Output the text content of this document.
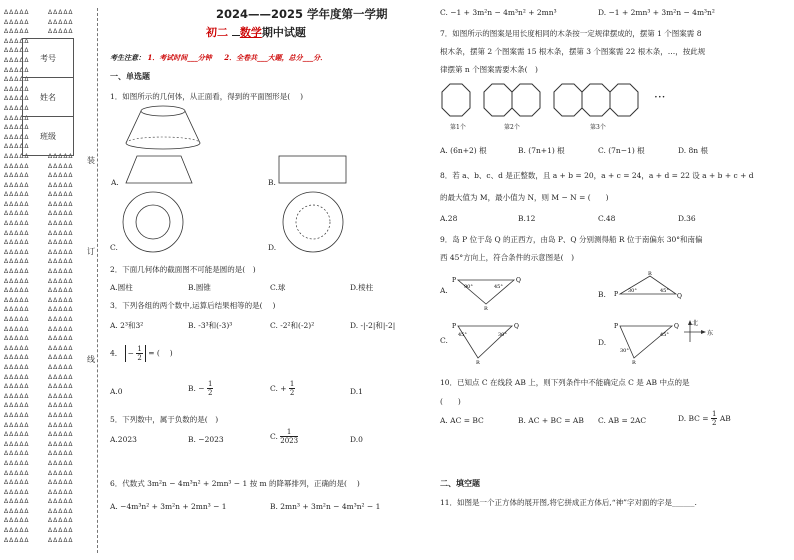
ΔΔΔΔΔ
ΔΔΔΔΔ
ΔΔΔΔΔ
ΔΔΔΔΔ
ΔΔΔΔΔ
ΔΔΔΔΔ
ΔΔΔΔΔ
ΔΔΔΔΔ
ΔΔΔΔΔ
ΔΔΔΔΔ
ΔΔΔΔΔ
ΔΔΔΔΔ
ΔΔΔΔΔ
ΔΔΔΔΔ
ΔΔΔΔΔ
ΔΔΔΔΔ
ΔΔΔΔΔ
ΔΔΔΔΔ
ΔΔΔΔΔ
ΔΔΔΔΔ
ΔΔΔΔΔ
ΔΔΔΔΔ
ΔΔΔΔΔ
ΔΔΔΔΔ
ΔΔΔΔΔ
ΔΔΔΔΔ
ΔΔΔΔΔ
ΔΔΔΔΔ
ΔΔΔΔΔ
ΔΔΔΔΔ
ΔΔΔΔΔ
ΔΔΔΔΔ
ΔΔΔΔΔ
ΔΔΔΔΔ
ΔΔΔΔΔ
ΔΔΔΔΔ
ΔΔΔΔΔ
ΔΔΔΔΔ
ΔΔΔΔΔ
ΔΔΔΔΔ
ΔΔΔΔΔ
ΔΔΔΔΔ
ΔΔΔΔΔ
ΔΔΔΔΔ
ΔΔΔΔΔ
ΔΔΔΔΔ
ΔΔΔΔΔ
ΔΔΔΔΔ
ΔΔΔΔΔ
ΔΔΔΔΔ
ΔΔΔΔΔ
ΔΔΔΔΔ
ΔΔΔΔΔ
ΔΔΔΔΔ
ΔΔΔΔΔ
ΔΔΔΔΔ
ΔΔΔΔΔ
ΔΔΔΔΔ
ΔΔΔΔΔ

ΔΔΔΔΔ
ΔΔΔΔΔ
ΔΔΔΔΔ
ΔΔΔΔΔ
ΔΔΔΔΔ
ΔΔΔΔΔ
ΔΔΔΔΔ
ΔΔΔΔΔ
ΔΔΔΔΔ
ΔΔΔΔΔ
ΔΔΔΔΔ
ΔΔΔΔΔ
ΔΔΔΔΔ
ΔΔΔΔΔ
ΔΔΔΔΔ
ΔΔΔΔΔ
ΔΔΔΔΔ
ΔΔΔΔΔ
ΔΔΔΔΔ
ΔΔΔΔΔ
ΔΔΔΔΔ
ΔΔΔΔΔ
ΔΔΔΔΔ
ΔΔΔΔΔ
ΔΔΔΔΔ
ΔΔΔΔΔ
ΔΔΔΔΔ
ΔΔΔΔΔ
ΔΔΔΔΔ
ΔΔΔΔΔ
ΔΔΔΔΔ
ΔΔΔΔΔ
ΔΔΔΔΔ
ΔΔΔΔΔ
ΔΔΔΔΔ
ΔΔΔΔΔ
ΔΔΔΔΔ
ΔΔΔΔΔ
ΔΔΔΔΔ
ΔΔΔΔΔ
ΔΔΔΔΔ
考号
姓名
班级
装
订
线
2024——2025 学年度第一学期
初二 数学期中试题
考生注意： 1．考试时间___分钟 2．全卷共___大题，总分___分．
一、单选题
1．如图所示的几何体，从正面看，得到的平面图形是(　 )
A.	B.
C.	D.
2．下面几何体的截面图不可能是圆的是(　)
A.圆柱	B.圆锥	C.球	D.棱柱
3．下列各组的两个数中,运算后结果相等的是(　 )
A. 2³和3²	B. -3³和(-3)³	C. -2²和(-2)²	D. -|-2|和|-2|
4． − $\frac{1}{2}$ = (　 )
A.0	B. − $\frac{1}{2}$	C. + $\frac{1}{2}$	D.1
5．下列数中，属于负数的是(　)
A.2023	B. −2023	C. $\frac{1}{2023}$	D.0
6．代数式 3m²n − 4m³n² + 2mn³ − 1 按 m 的降幂排列，正确的是(　 )
A. −4m³n² + 3m²n + 2mn³ − 1	B. 2mn³ + 3m²n − 4m³n² − 1
C. −1 + 3m²n − 4m³n² + 2mn³	D. −1 + 2mn³ + 3m²n − 4m³n²
7．如图所示的图案是用长度相同的木条按一定规律摆成的，摆第 1 个图案需 8
根木条，摆第 2 个图案需 15 根木条，摆第 3 个图案需 22 根木条，…，按此规
律摆第 n 个图案需要木条(　)
···
第1个	第2个	第3个
A. (6n+2) 根	B. (7n+1) 根	C. (7n−1) 根	D. 8n 根
8．若 a、b、c、d 是正整数，且 a + b = 20，a + c = 24，a + d = 22 设 a + b + c + d
的最大值为 M，最小值为 N，则 M − N = (　　)
A.28	B.12	C.48	D.36
9．岛 P 位于岛 Q 的正西方，由岛 P、Q 分别测得船 R 位于南偏东 30°和南偏
西 45°方向上，符合条件的示意图是(　)
P	Q
R
90°	45°
A.	P	Q
R
30°	45°
B.
P	Q
R
45°	30°
C.
P	Q
R
30°
45°
D.
北
东
10．已知点 C 在线段 AB 上，则下列条件中不能确定点 C 是 AB 中点的是
(　　)
A. AC = BC	B. AC + BC = AB C. AB = 2AC	D. BC = $\frac{1}{2}$ AB
二、填空题
11．如图是一个正方体的展开图,将它拼成正方体后,“神”字对面的字是______.
